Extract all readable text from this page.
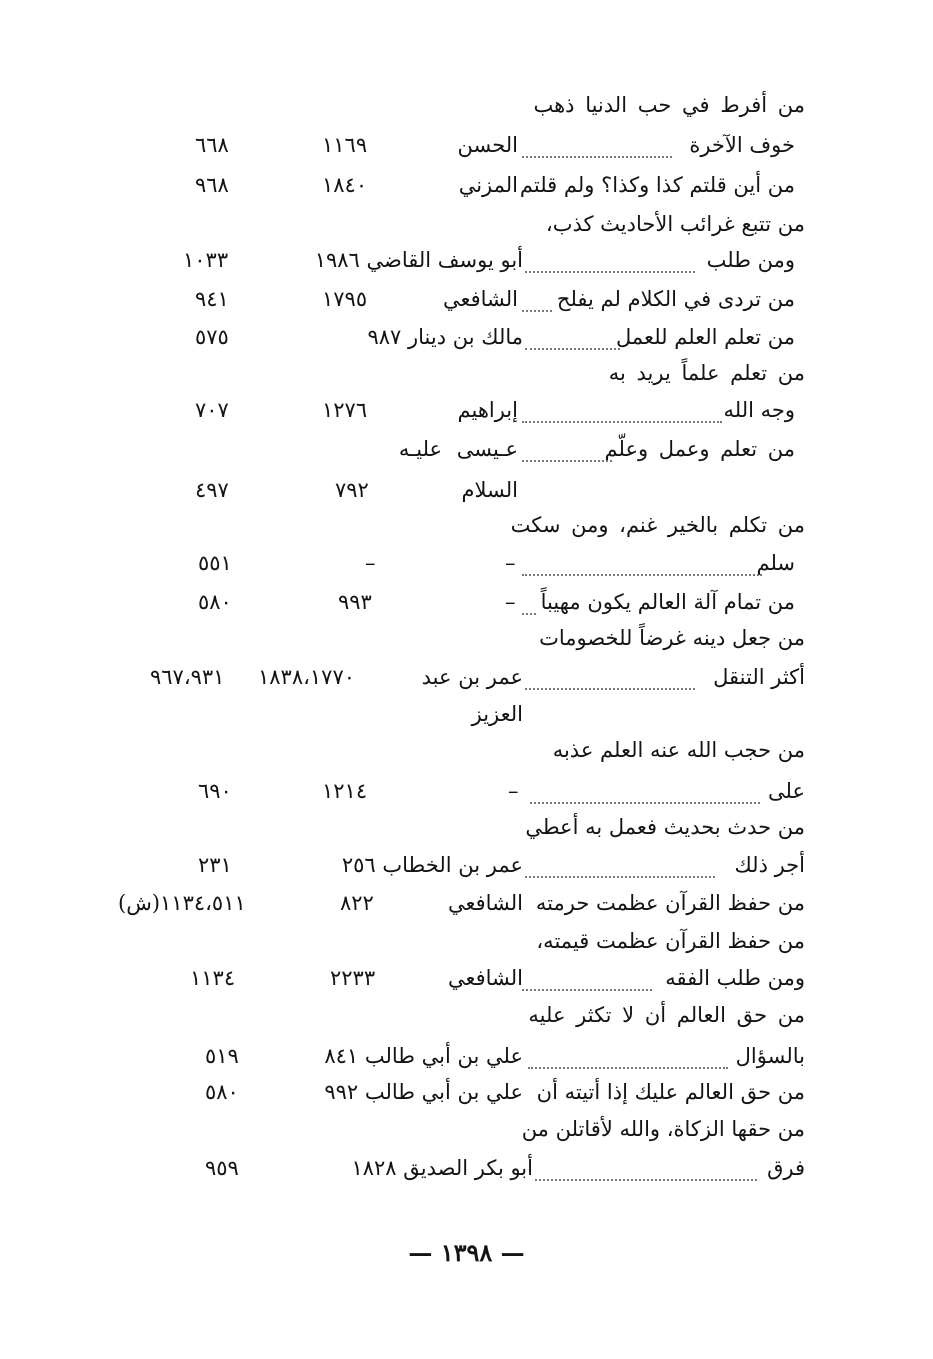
من أفرط في حب الدنيا ذهب
خوف الآخرة
الحسن
١١٦٩
٦٦٨
من أين قلتم كذا وكذا؟ ولم قلتم
المزني
١٨٤٠
٩٦٨
من تتبع غرائب الأحاديث كذب،
ومن طلب
أبو يوسف القاضي ١٩٨٦
١٠٣٣
من تردى في الكلام لم يفلح
الشافعي
١٧٩٥
٩٤١
من تعلم العلم للعمل
مالك بن دينار ٩٨٧
٥٧٥
من تعلم علماً يريد به
وجه الله
إبراهيم
١٢٧٦
٧٠٧
من تعلم وعمل وعلّم
عـيسى عليـه
السلام
٧٩٢
٤٩٧
من تكلم بالخير غنم، ومن سكت
سلم
–
–
٥٥١
من تمام آلة العالم يكون مهيباً
–
٩٩٣
٥٨٠
من جعل دينه غرضاً للخصومات
أكثر التنقل
عمر بن عبد
١٨٣٨،١٧٧٠
٩٦٧،٩٣١
العزيز
من حجب الله عنه العلم عذبه
على
–
١٢١٤
٦٩٠
من حدث بحديث فعمل به أعطي
أجر ذلك
عمر بن الخطاب ٢٥٦
٢٣١
من حفظ القرآن عظمت حرمته
الشافعي
٨٢٢
١١٣٤،٥١١(ش)
من حفظ القرآن عظمت قيمته،
ومن طلب الفقه
الشافعي
٢٢٣٣
١١٣٤
من حق العالم أن لا تكثر عليه
بالسؤال
علي بن أبي طالب ٨٤١
٥١٩
من حق العالم عليك إذا أتيته أن
علي بن أبي طالب ٩٩٢
٥٨٠
من حقها الزكاة، والله لأقاتلن من
فرق
أبو بكر الصديق ١٨٢٨
٩٥٩
— ١٣٩٨ —
